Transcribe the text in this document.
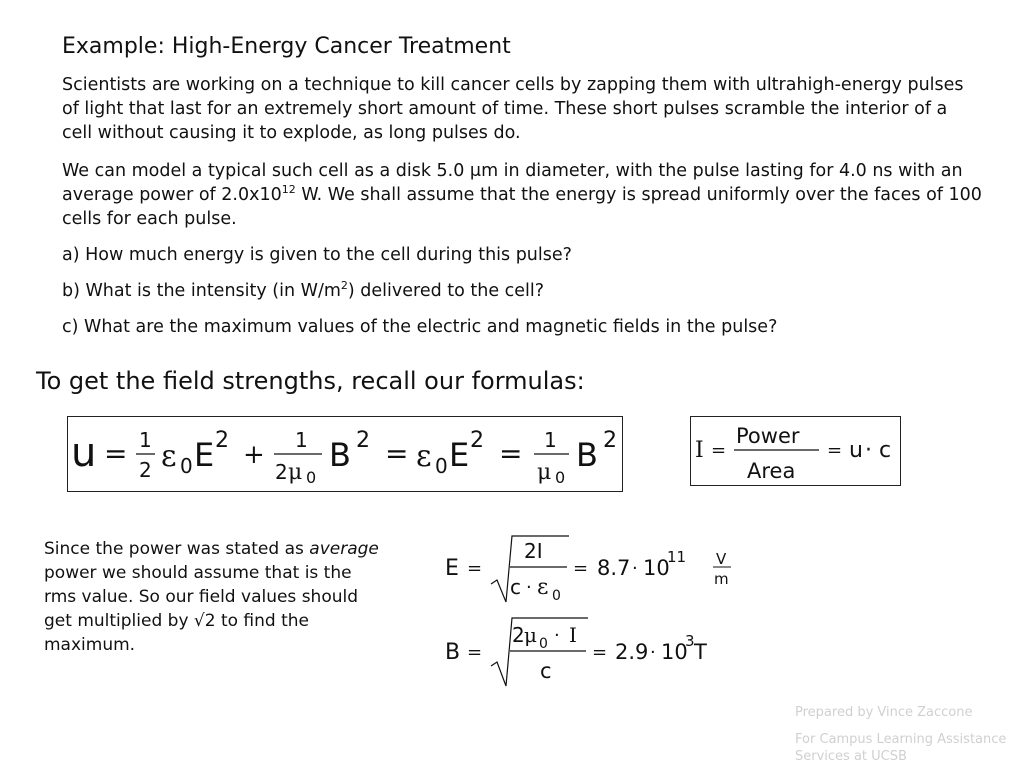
Example: High-Energy Cancer Treatment
Scientists are working on a technique to kill cancer cells by zapping them with ultrahigh-energy pulses of light that last for an extremely short amount of time. These short pulses scramble the interior of a cell without causing it to explode, as long pulses do.
We can model a typical such cell as a disk 5.0 μm in diameter, with the pulse lasting for 4.0 ns with an average power of $2.0x10^{12}$ W. We shall assume that the energy is spread uniformly over the faces of 100 cells for each pulse.
a) How much energy is given to the cell during this pulse?
b) What is the intensity (in $W/m^2$) delivered to the cell?
c) What are the maximum values of the electric and magnetic fields in the pulse?
To get the field strengths, recall our formulas:
u = 1
2 ε 0 E 2 + 1
2 μ 0
B 2 = ε 0 E 2 = 1
μ 0
B 2	I =
Power
Area
= u · c
Since the power was stated as average power we should assume that is the rms value. So our field values should get multiplied by √2 to find the maximum.
E =
2I
c · ε 0
= 8.7 · 10
11 V
m
B =
2 μ 0 · I
c
= 2.9 · 10
3 T
Prepared by Vince Zaccone
For Campus Learning Assistance Services at UCSB
